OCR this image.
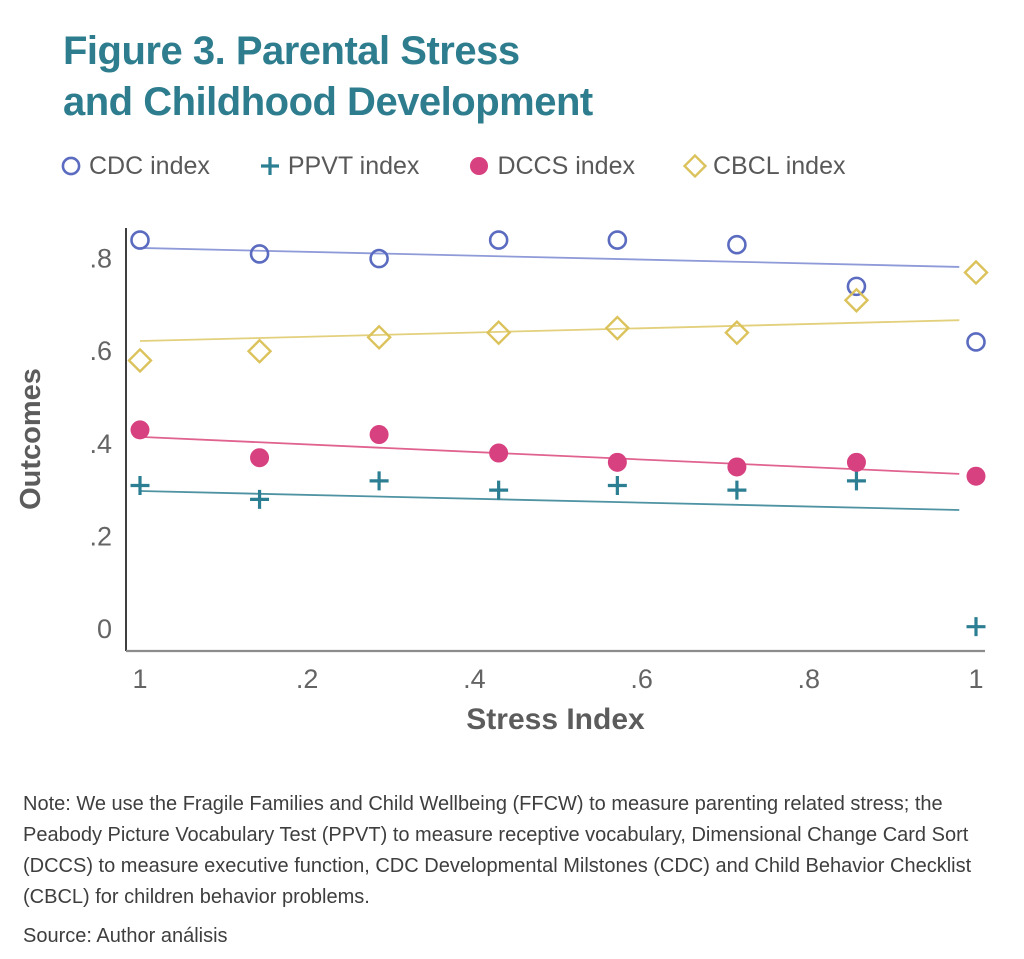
Figure 3. Parental Stress
and Childhood Development
CDC index	PPVT index	DCCS index	CBCL index
.8
.6
.4
.2
0
1	.2	.4	.6	.8	1
Outcomes
Stress Index

Note: We use the Fragile Families and Child Wellbeing (FFCW) to measure parenting related stress; the Peabody Picture Vocabulary Test (PPVT) to measure receptive vocabulary, Dimensional Change Card Sort (DCCS) to measure executive function, CDC Developmental Milstones (CDC) and Child Behavior Checklist (CBCL) for children behavior problems.

Source: Author análisis
